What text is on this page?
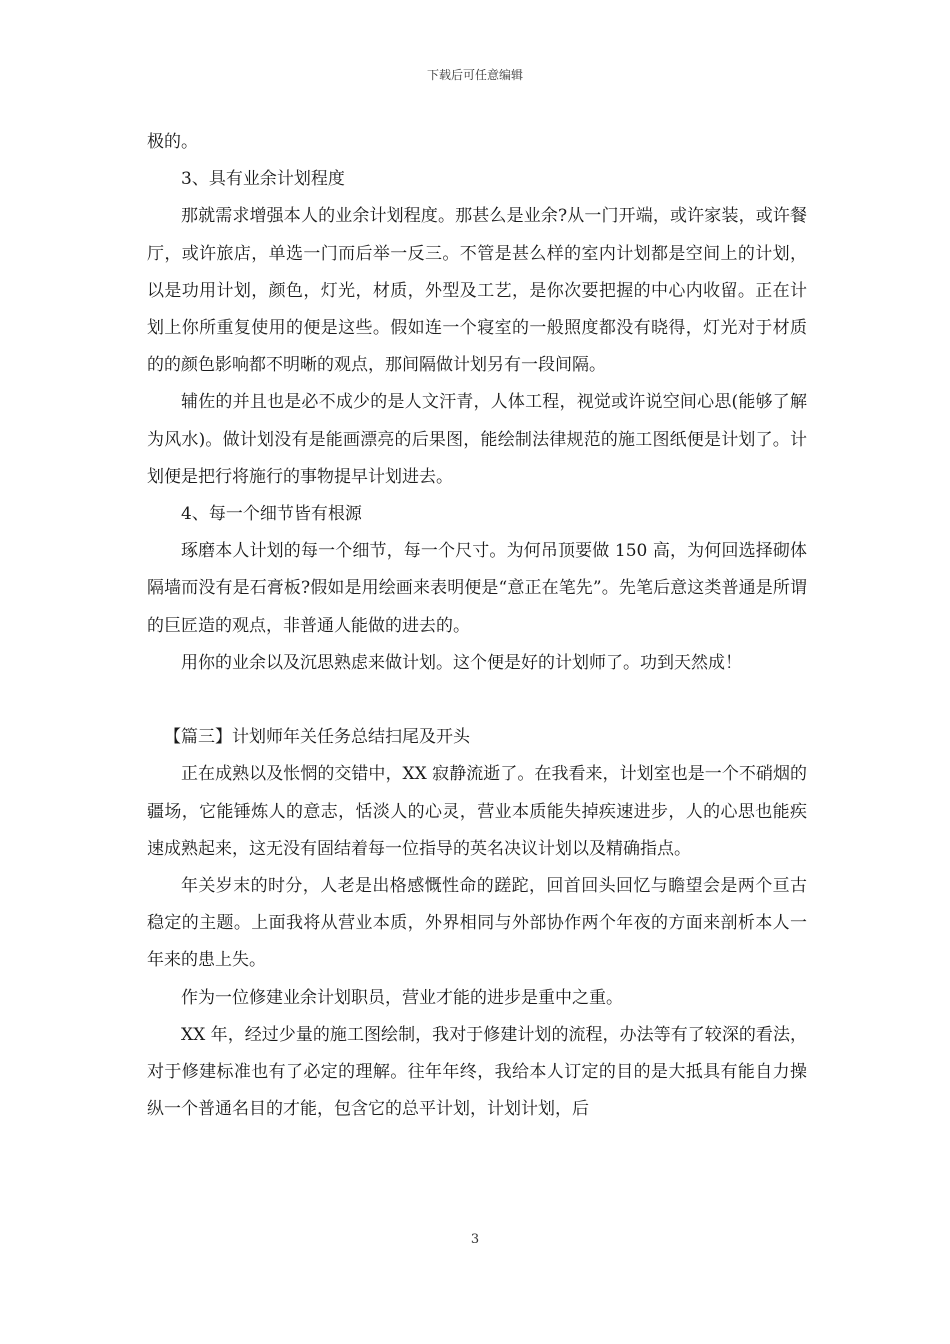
下载后可任意编辑

极的。

3、具有业余计划程度

那就需求增强本人的业余计划程度。那甚么是业余?从一门开端，或许家装，或许餐厅，或许旅店，单选一门而后举一反三。不管是甚么样的室内计划都是空间上的计划，以是功用计划，颜色，灯光，材质，外型及工艺，是你次要把握的中心内收留。正在计划上你所重复使用的便是这些。假如连一个寝室的一般照度都没有晓得，灯光对于材质的的颜色影响都不明晰的观点，那间隔做计划另有一段间隔。

辅佐的并且也是必不成少的是人文汗青，人体工程，视觉或许说空间心思(能够了解为风水)。做计划没有是能画漂亮的后果图，能绘制法律规范的施工图纸便是计划了。计划便是把行将施行的事物提早计划进去。

4、每一个细节皆有根源

琢磨本人计划的每一个细节，每一个尺寸。为何吊顶要做 150 高，为何回选择砌体隔墙而没有是石膏板?假如是用绘画来表明便是“意正在笔先”。先笔后意这类普通是所谓的巨匠造的观点，非普通人能做的进去的。

用你的业余以及沉思熟虑来做计划。这个便是好的计划师了。功到天然成！

【篇三】计划师年关任务总结扫尾及开头

正在成熟以及怅惘的交错中，XX 寂静流逝了。在我看来，计划室也是一个不硝烟的疆场，它能锤炼人的意志，恬淡人的心灵，营业本质能失掉疾速进步，人的心思也能疾速成熟起来，这无没有固结着每一位指导的英名决议计划以及精确指点。

年关岁末的时分，人老是出格感慨性命的蹉跎，回首回头回忆与瞻望会是两个亘古稳定的主题。上面我将从营业本质，外界相同与外部协作两个年夜的方面来剖析本人一年来的患上失。

作为一位修建业余计划职员，营业才能的进步是重中之重。

XX 年，经过少量的施工图绘制，我对于修建计划的流程，办法等有了较深的看法，对于修建标准也有了必定的理解。往年年终，我给本人订定的目的是大抵具有能自力操纵一个普通名目的才能，包含它的总平计划，计划计划，后

3
